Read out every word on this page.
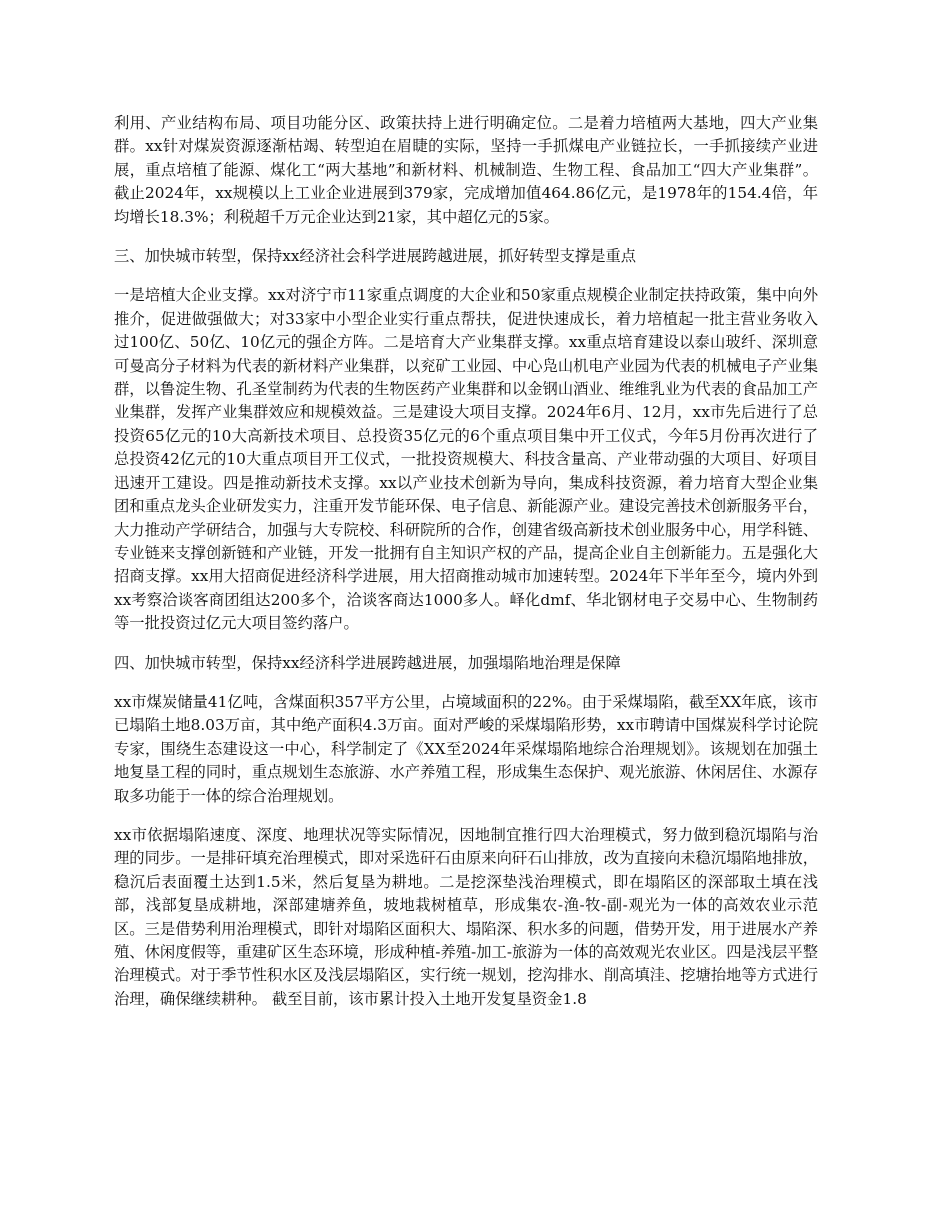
利用、产业结构布局、项目功能分区、政策扶持上进行明确定位。二是着力培植两大基地，四大产业集群。xx针对煤炭资源逐渐枯竭、转型迫在眉睫的实际，坚持一手抓煤电产业链拉长，一手抓接续产业进展，重点培植了能源、煤化工“两大基地”和新材料、机械制造、生物工程、食品加工“四大产业集群”。截止2024年，xx规模以上工业企业进展到379家，完成增加值464.86亿元，是1978年的154.4倍，年均增长18.3%；利税超千万元企业达到21家，其中超亿元的5家。

三、加快城市转型，保持xx经济社会科学进展跨越进展，抓好转型支撑是重点

一是培植大企业支撑。xx对济宁市11家重点调度的大企业和50家重点规模企业制定扶持政策，集中向外推介，促进做强做大；对33家中小型企业实行重点帮扶，促进快速成长，着力培植起一批主营业务收入过100亿、50亿、10亿元的强企方阵。二是培育大产业集群支撑。xx重点培育建设以泰山玻纤、深圳意可曼高分子材料为代表的新材料产业集群，以兖矿工业园、中心凫山机电产业园为代表的机械电子产业集群，以鲁淀生物、孔圣堂制药为代表的生物医药产业集群和以金钢山酒业、维维乳业为代表的食品加工产业集群，发挥产业集群效应和规模效益。三是建设大项目支撑。2024年6月、12月，xx市先后进行了总投资65亿元的10大高新技术项目、总投资35亿元的6个重点项目集中开工仪式，今年5月份再次进行了总投资42亿元的10大重点项目开工仪式，一批投资规模大、科技含量高、产业带动强的大项目、好项目迅速开工建设。四是推动新技术支撑。xx以产业技术创新为导向，集成科技资源，着力培育大型企业集团和重点龙头企业研发实力，注重开发节能环保、电子信息、新能源产业。建设完善技术创新服务平台，大力推动产学研结合，加强与大专院校、科研院所的合作，创建省级高新技术创业服务中心，用学科链、专业链来支撑创新链和产业链，开发一批拥有自主知识产权的产品，提高企业自主创新能力。五是强化大招商支撑。xx用大招商促进经济科学进展，用大招商推动城市加速转型。2024年下半年至今，境内外到xx考察洽谈客商团组达200多个，洽谈客商达1000多人。峄化dmf、华北钢材电子交易中心、生物制药等一批投资过亿元大项目签约落户。

四、加快城市转型，保持xx经济科学进展跨越进展，加强塌陷地治理是保障

xx市煤炭储量41亿吨，含煤面积357平方公里，占境域面积的22%。由于采煤塌陷，截至XX年底，该市已塌陷土地8.03万亩，其中绝产面积4.3万亩。面对严峻的采煤塌陷形势，xx市聘请中国煤炭科学讨论院专家，围绕生态建设这一中心，科学制定了《XX至2024年采煤塌陷地综合治理规划》。该规划在加强土地复垦工程的同时，重点规划生态旅游、水产养殖工程，形成集生态保护、观光旅游、休闲居住、水源存取多功能于一体的综合治理规划。

xx市依据塌陷速度、深度、地理状况等实际情况，因地制宜推行四大治理模式，努力做到稳沉塌陷与治理的同步。一是排矸填充治理模式，即对采选矸石由原来向矸石山排放，改为直接向未稳沉塌陷地排放，稳沉后表面覆土达到1.5米，然后复垦为耕地。二是挖深垫浅治理模式，即在塌陷区的深部取土填在浅部，浅部复垦成耕地，深部建塘养鱼，坡地栽树植草，形成集农-渔-牧-副-观光为一体的高效农业示范区。三是借势利用治理模式，即针对塌陷区面积大、塌陷深、积水多的问题，借势开发，用于进展水产养殖、休闲度假等，重建矿区生态环境，形成种植-养殖-加工-旅游为一体的高效观光农业区。四是浅层平整治理模式。对于季节性积水区及浅层塌陷区，实行统一规划，挖沟排水、削高填洼、挖塘抬地等方式进行治理，确保继续耕种。 截至目前，该市累计投入土地开发复垦资金1.8
